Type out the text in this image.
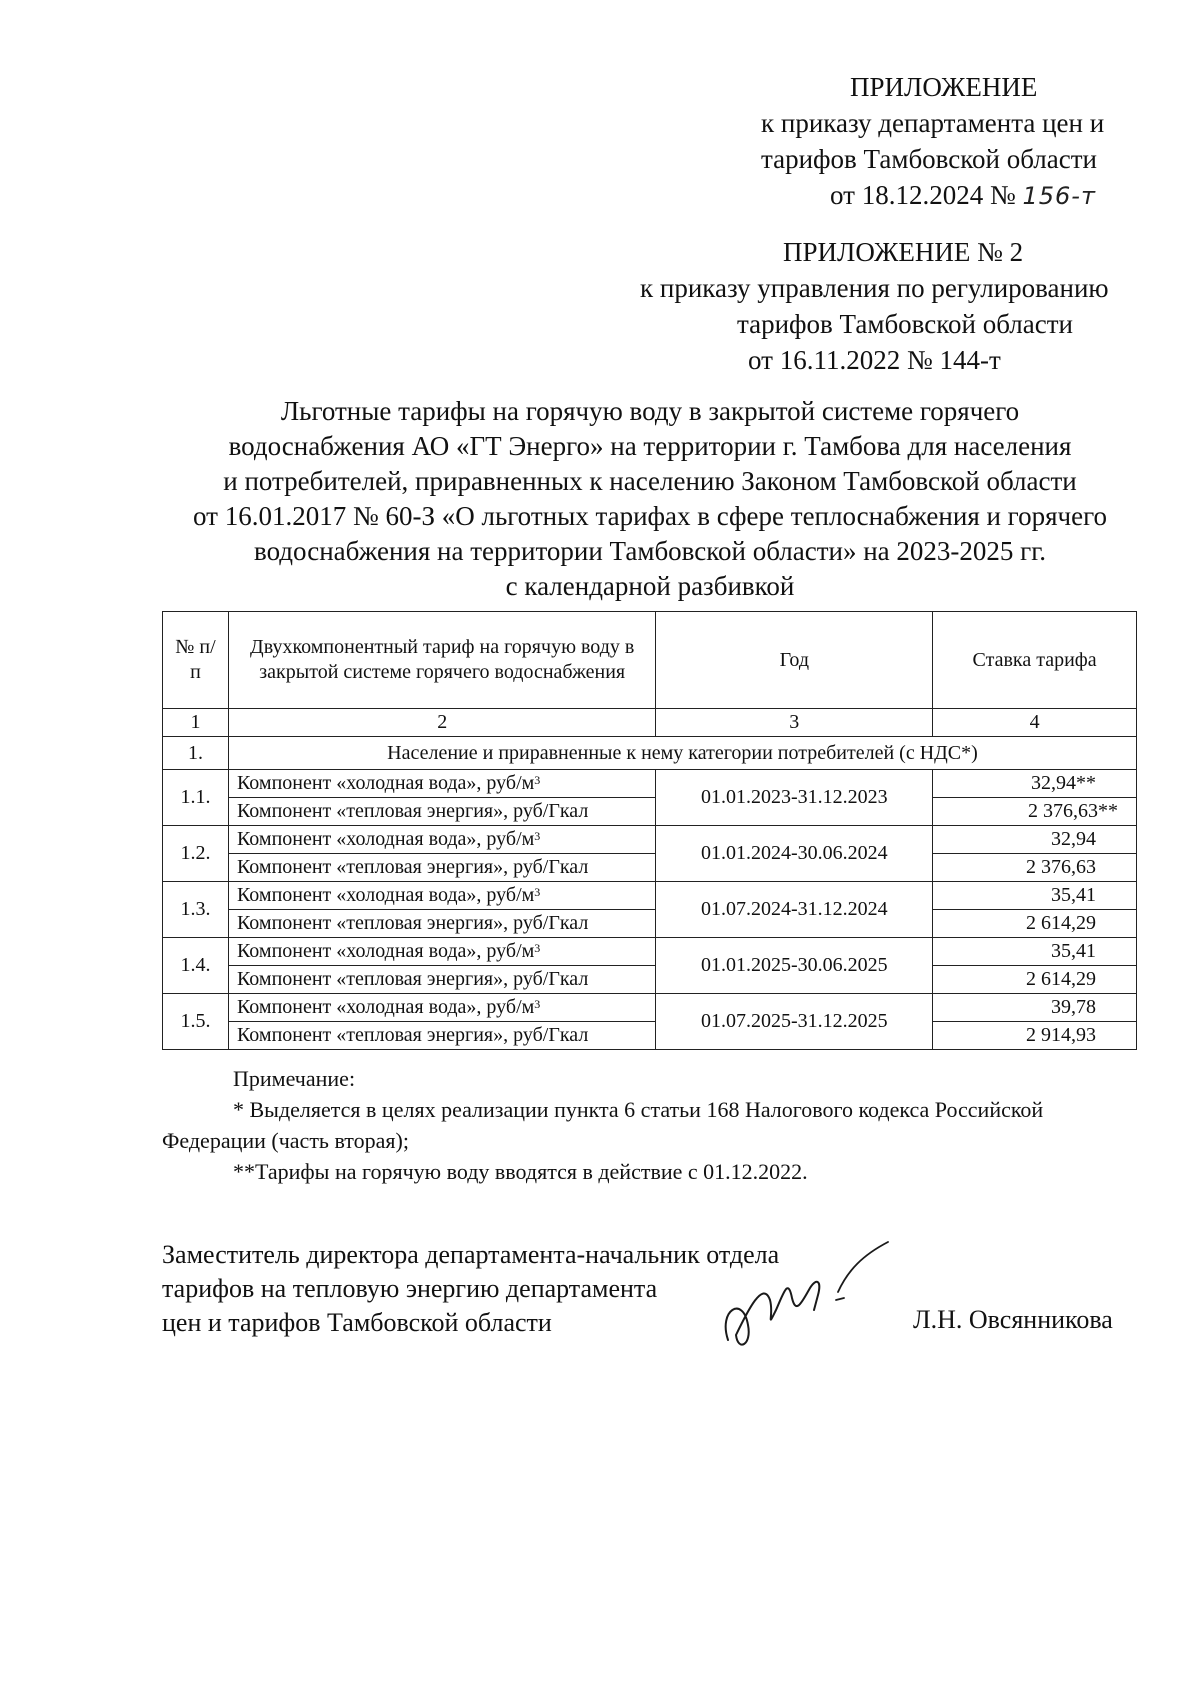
ПРИЛОЖЕНИЕ
к приказу департамента цен и
тарифов Тамбовской области
от 18.12.2024 № 156-т
ПРИЛОЖЕНИЕ № 2
к приказу управления по регулированию
тарифов Тамбовской области
от 16.11.2022 № 144-т
Льготные тарифы на горячую воду в закрытой системе горячего
водоснабжения АО «ГТ Энерго» на территории г. Тамбова для населения
и потребителей, приравненных к населению Законом Тамбовской области
от 16.01.2017 № 60-З «О льготных тарифах в сфере теплоснабжения и горячего
водоснабжения на территории Тамбовской области» на 2023-2025 гг.
с календарной разбивкой
№ п/п	Двухкомпонентный тариф на горячую воду в закрытой системе горячего водоснабжения	Год	Ставка тарифа
1	2	3	4
1.	Население и приравненные к нему категории потребителей (с НДС*)		
1.1.	Компонент «холодная вода», руб/$м^3$	01.01.2023-31.12.2023	32,94**
	Компонент «тепловая энергия», руб/Гкал		2 376,63**
1.2.	Компонент «холодная вода», руб/$м^3$	01.01.2024-30.06.2024	32,94
	Компонент «тепловая энергия», руб/Гкал		2 376,63
1.3.	Компонент «холодная вода», руб/$м^3$	01.07.2024-31.12.2024	35,41
	Компонент «тепловая энергия», руб/Гкал		2 614,29
1.4.	Компонент «холодная вода», руб/$м^3$	01.01.2025-30.06.2025	35,41
	Компонент «тепловая энергия», руб/Гкал		2 614,29
1.5.	Компонент «холодная вода», руб/$м^3$	01.07.2025-31.12.2025	39,78
	Компонент «тепловая энергия», руб/Гкал		2 914,93
Примечание:
* Выделяется в целях реализации пункта 6 статьи 168 Налогового кодекса Российской Федерации (часть вторая);
**Тарифы на горячую воду вводятся в действие с 01.12.2022.
Заместитель директора департамента-начальник отдела
тарифов на тепловую энергию департамента
цен и тарифов Тамбовской области	Л.Н. Овсянникова
